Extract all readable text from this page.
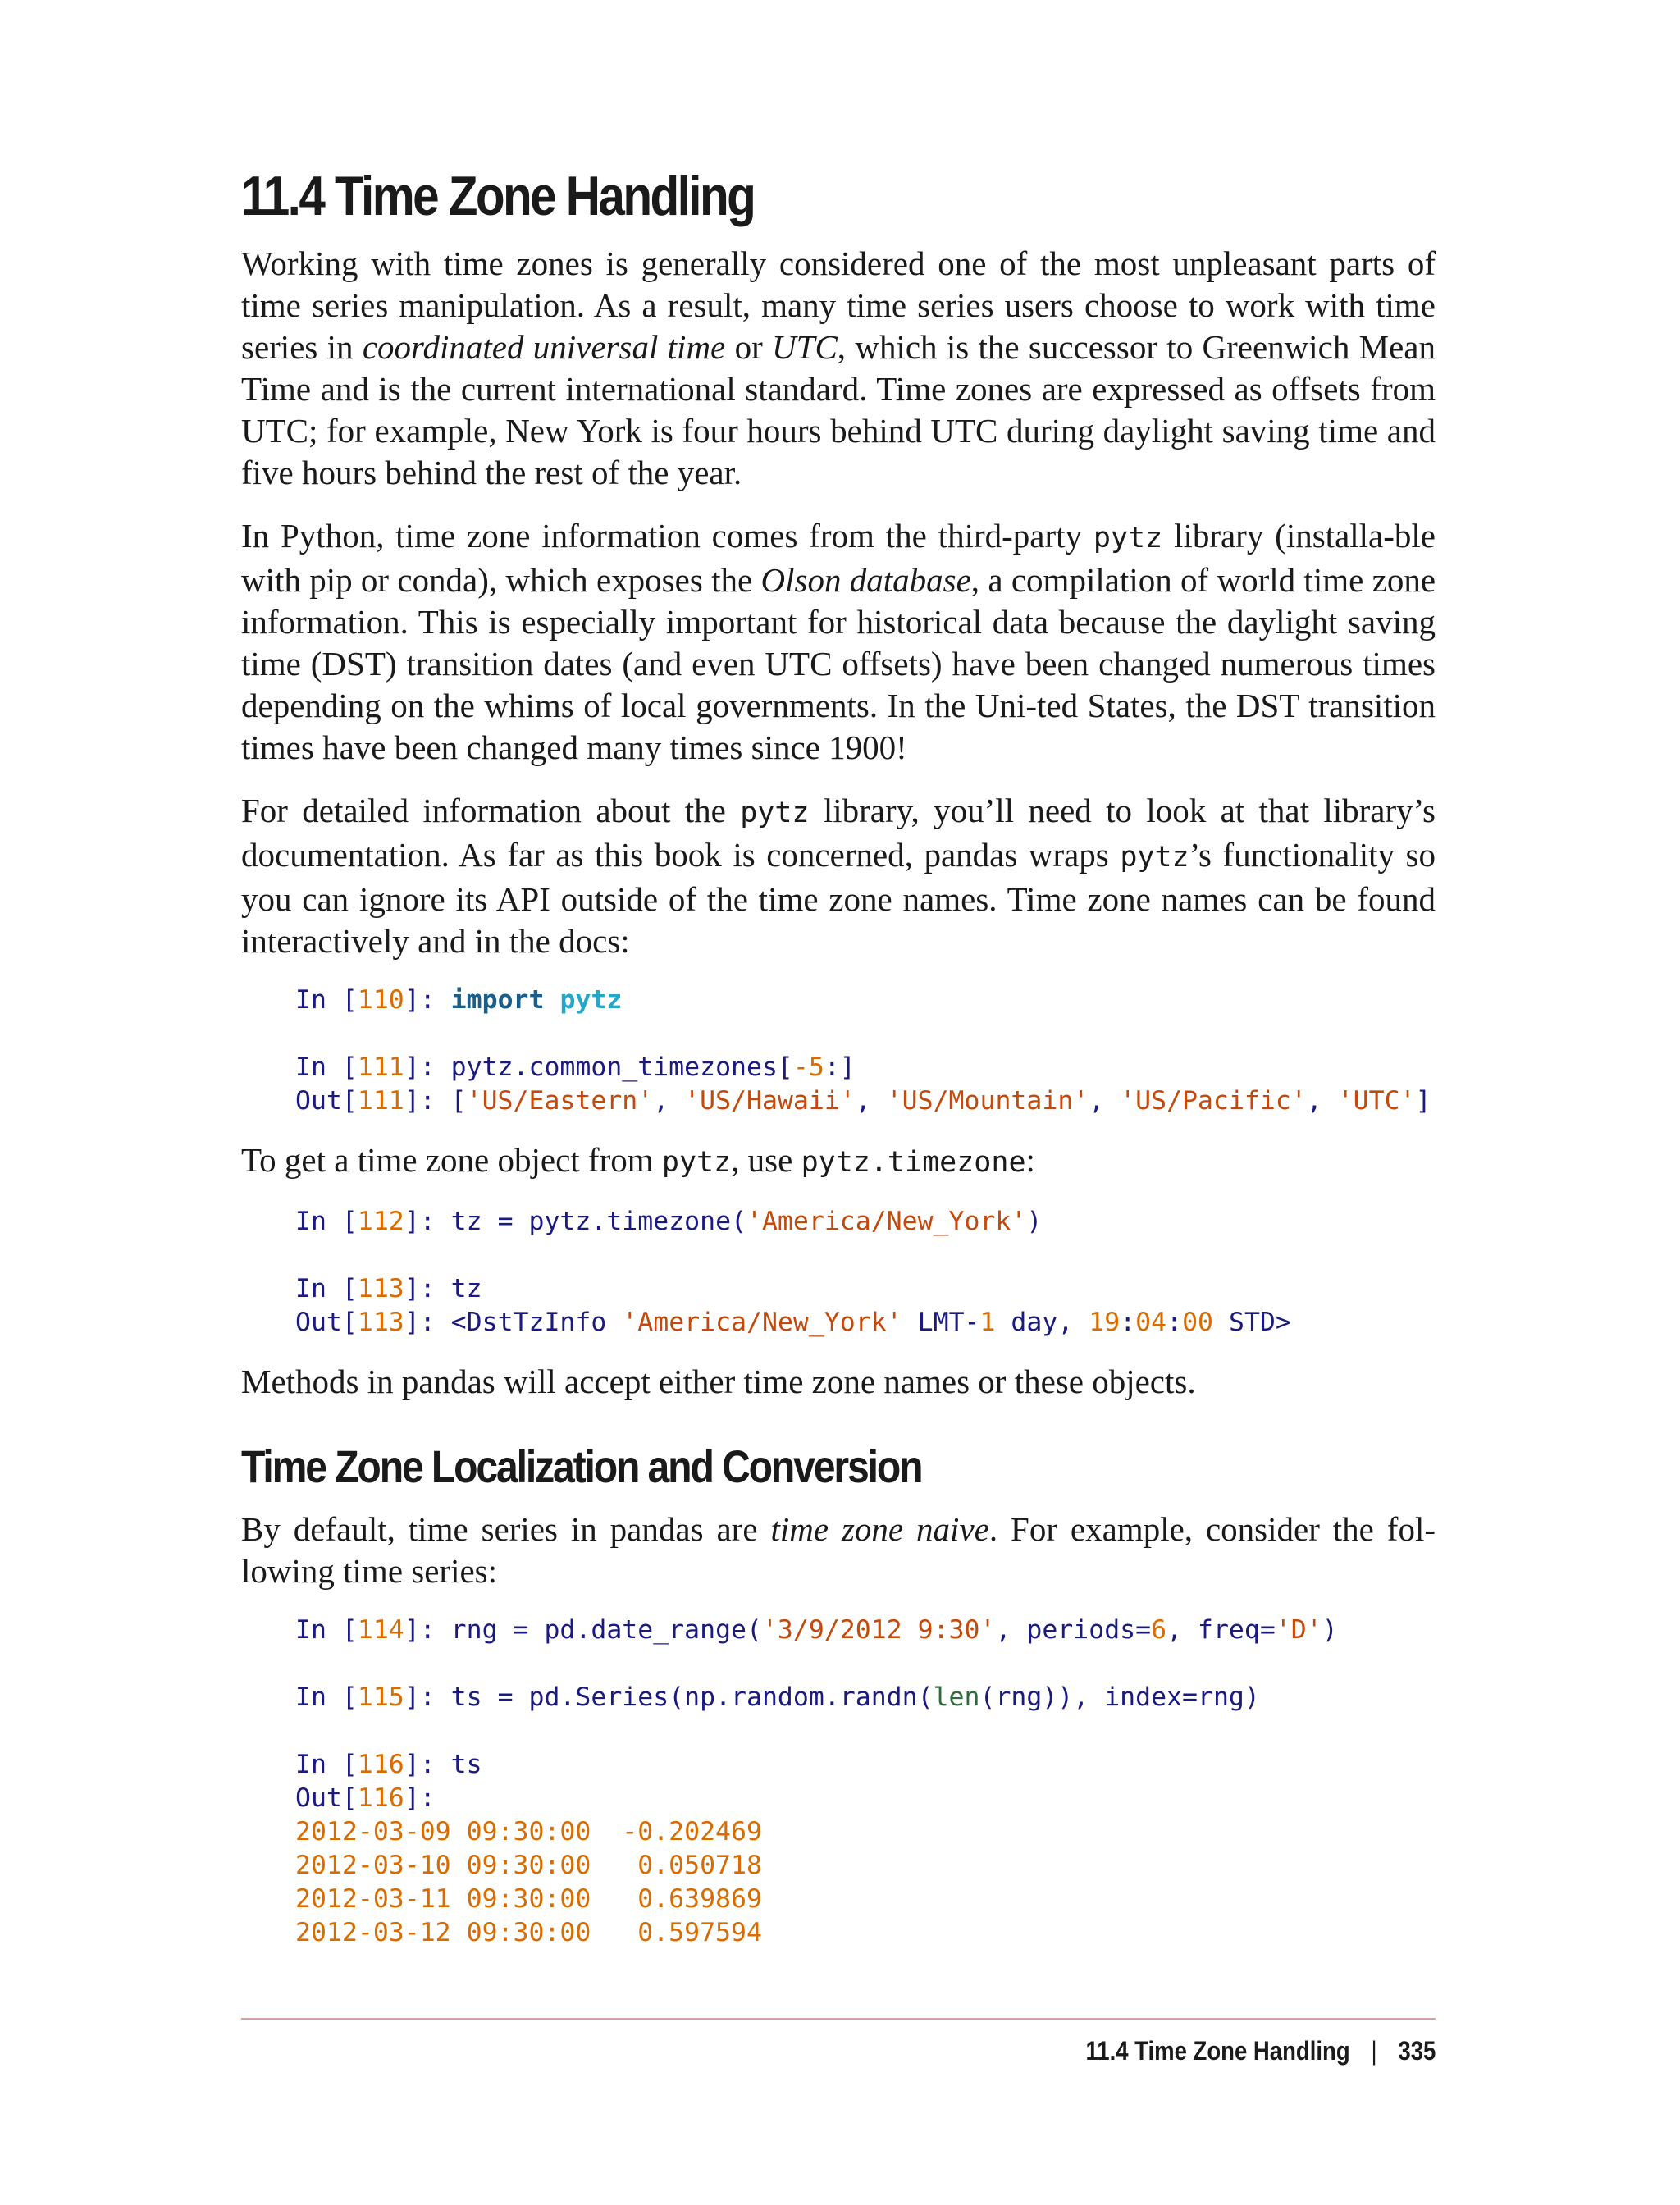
11.4 Time Zone Handling

Working with time zones is generally considered one of the most unpleasant parts of time series manipulation. As a result, many time series users choose to work with time series in coordinated universal time or UTC, which is the successor to Greenwich Mean Time and is the current international standard. Time zones are expressed as offsets from UTC; for example, New York is four hours behind UTC during daylight saving time and five hours behind the rest of the year.

In Python, time zone information comes from the third-party pytz library (installa-ble with pip or conda), which exposes the Olson database, a compilation of world time zone information. This is especially important for historical data because the daylight saving time (DST) transition dates (and even UTC offsets) have been changed numerous times depending on the whims of local governments. In the Uni-ted States, the DST transition times have been changed many times since 1900!

For detailed information about the pytz library, you’ll need to look at that library’s documentation. As far as this book is concerned, pandas wraps pytz’s functionality so you can ignore its API outside of the time zone names. Time zone names can be found interactively and in the docs:

In [110]: import pytz
In [111]: pytz.common_timezones[-5:]
Out[111]: ['US/Eastern', 'US/Hawaii', 'US/Mountain', 'US/Pacific', 'UTC']

To get a time zone object from pytz, use pytz.timezone:

In [112]: tz = pytz.timezone('America/New_York')
In [113]: tz
Out[113]: <DstTzInfo 'America/New_York' LMT-1 day, 19:04:00 STD>

Methods in pandas will accept either time zone names or these objects.

Time Zone Localization and Conversion

By default, time series in pandas are time zone naive. For example, consider the fol-lowing time series:

In [114]: rng = pd.date_range('3/9/2012 9:30', periods=6, freq='D')
In [115]: ts = pd.Series(np.random.randn(len(rng)), index=rng)
In [116]: ts
Out[116]:
2012-03-09 09:30:00  -0.202469
2012-03-10 09:30:00   0.050718
2012-03-11 09:30:00   0.639869
2012-03-12 09:30:00   0.597594
11.4 Time Zone Handling | 335
